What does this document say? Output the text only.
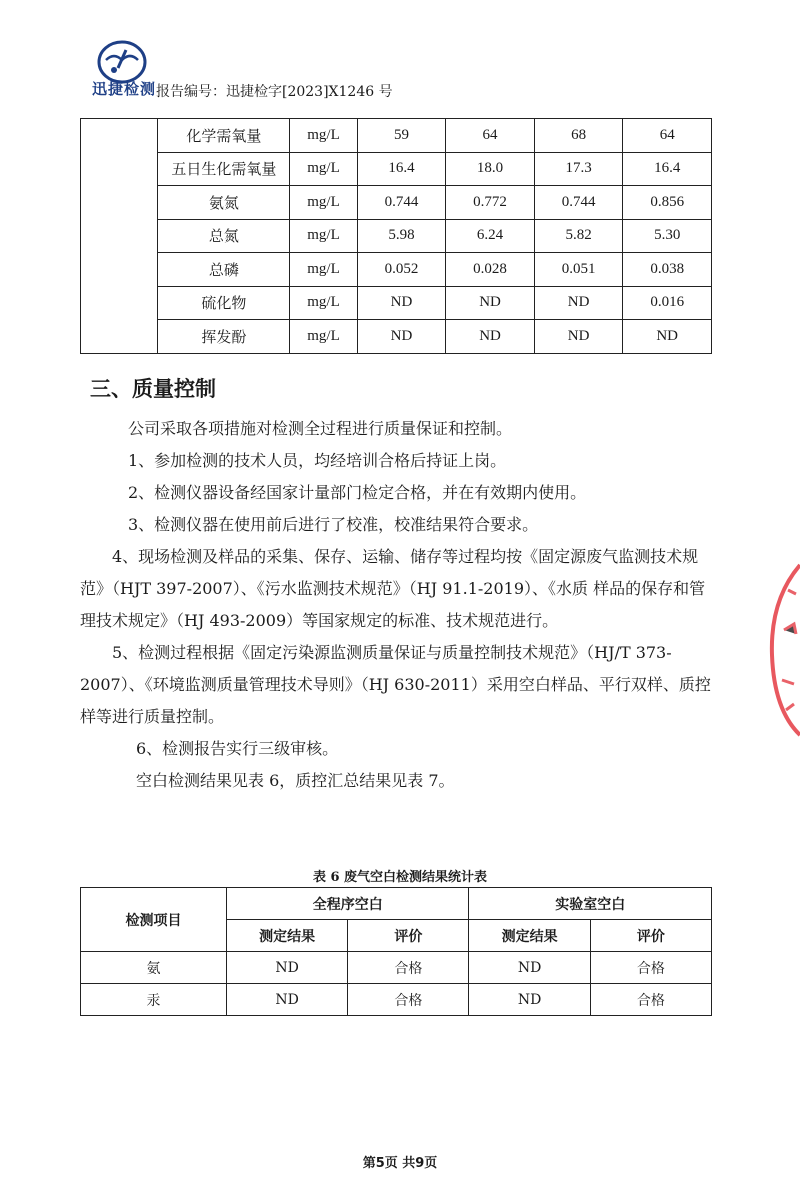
迅捷检测 报告编号：迅捷检字[2023]X1246 号
	化学需氧量	mg/L	59	64	68	64
	五日生化需氧量	mg/L	16.4	18.0	17.3	16.4
	氨氮	mg/L	0.744	0.772	0.744	0.856
	总氮	mg/L	5.98	6.24	5.82	5.30
	总磷	mg/L	0.052	0.028	0.051	0.038
	硫化物	mg/L	ND	ND	ND	0.016
	挥发酚	mg/L	ND	ND	ND	ND
三、质量控制

公司采取各项措施对检测全过程进行质量保证和控制。

1、参加检测的技术人员，均经培训合格后持证上岗。

2、检测仪器设备经国家计量部门检定合格，并在有效期内使用。

3、检测仪器在使用前后进行了校准，校准结果符合要求。

4、现场检测及样品的采集、保存、运输、储存等过程均按《固定源废气监测技术规范》（HJT 397-2007）、《污水监测技术规范》（HJ 91.1-2019）、《水质 样品的保存和管理技术规定》（HJ 493-2009）等国家规定的标准、技术规范进行。

5、检测过程根据《固定污染源监测质量保证与质量控制技术规范》（HJ/T 373-2007）、《环境监测质量管理技术导则》（HJ 630-2011）采用空白样品、平行双样、质控样等进行质量控制。

6、检测报告实行三级审核。

空白检测结果见表 6，质控汇总结果见表 7。

表 6 废气空白检测结果统计表
检测项目	全程序空白		实验室空白	
	测定结果	评价	测定结果	评价
氨	ND	合格	ND	合格
汞	ND	合格	ND	合格
第5页 共9页
